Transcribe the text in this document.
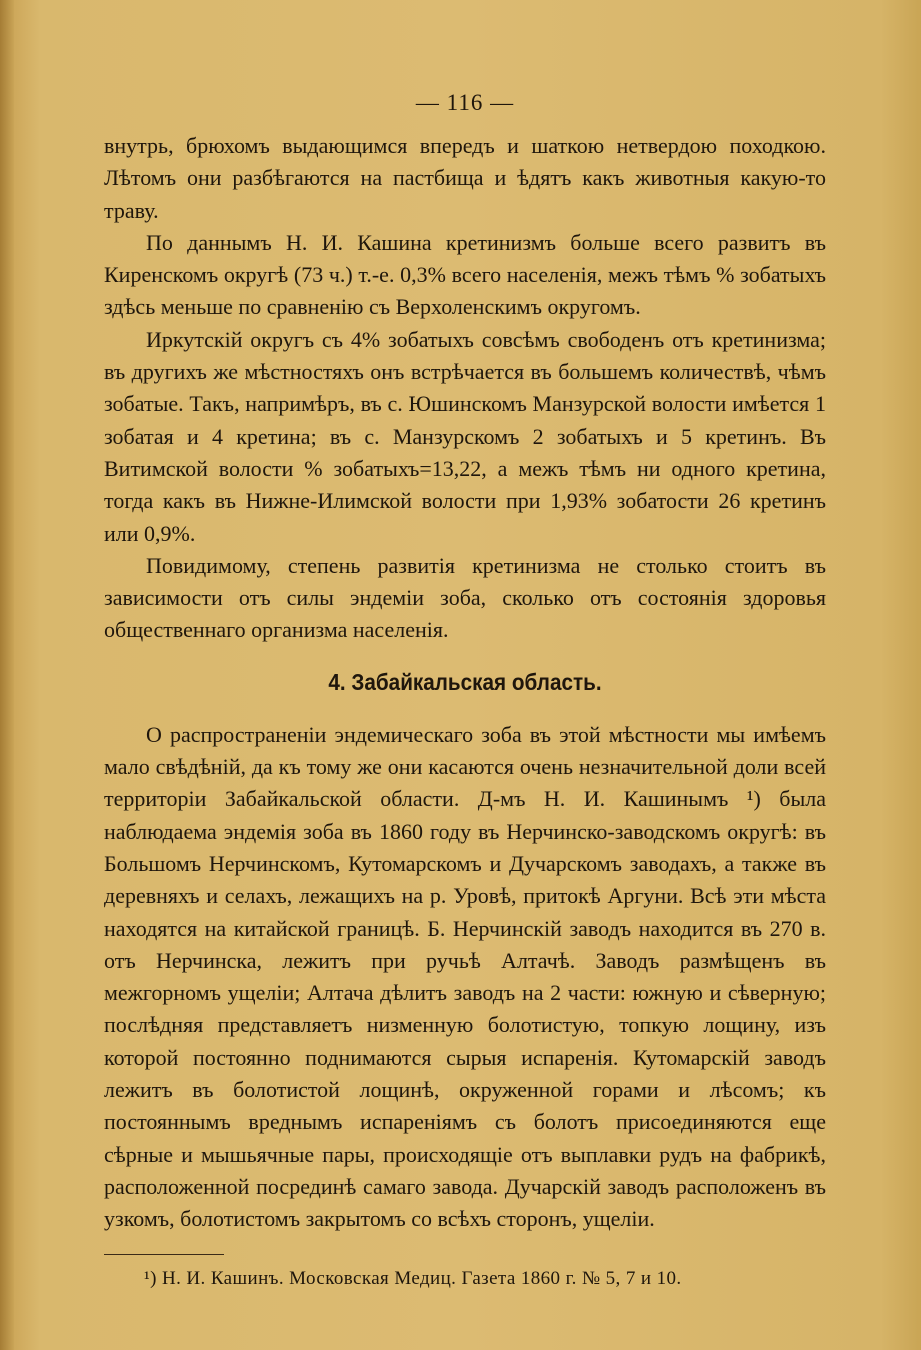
— 116 —

внутрь, брюхомъ выдающимся впередъ и шаткою нетвердою походкою. Лѣтомъ они разбѣгаются на пастбища и ѣдятъ какъ животныя какую-то траву.

По даннымъ Н. И. Кашина кретинизмъ больше всего развитъ въ Киренскомъ округѣ (73 ч.) т.-е. 0,3% всего населенія, межъ тѣмъ % зобатыхъ здѣсь меньше по сравненію съ Верхоленскимъ округомъ.

Иркутскій округъ съ 4% зобатыхъ совсѣмъ свободенъ отъ кретинизма; въ другихъ же мѣстностяхъ онъ встрѣчается въ большемъ количествѣ, чѣмъ зобатые. Такъ, напримѣръ, въ с. Юшинскомъ Манзурской волости имѣется 1 зобатая и 4 кретина; въ с. Манзурскомъ 2 зобатыхъ и 5 кретинъ. Въ Витимской волости % зобатыхъ=13,22, а межъ тѣмъ ни одного кретина, тогда какъ въ Нижне-Илимской волости при 1,93% зобатости 26 кретинъ или 0,9%.

Повидимому, степень развитія кретинизма не столько стоитъ въ зависимости отъ силы эндеміи зоба, сколько отъ состоянія здоровья общественнаго организма населенія.

4. Забайкальская область.

О распространеніи эндемическаго зоба въ этой мѣстности мы имѣемъ мало свѣдѣній, да къ тому же они касаются очень незначительной доли всей территоріи Забайкальской области. Д-мъ Н. И. Кашинымъ ¹) была наблюдаема эндемія зоба въ 1860 году въ Нерчинско-заводскомъ округѣ: въ Большомъ Нерчинскомъ, Кутомарскомъ и Дучарскомъ заводахъ, а также въ деревняхъ и селахъ, лежащихъ на р. Уровѣ, притокѣ Аргуни. Всѣ эти мѣста находятся на китайской границѣ. Б. Нерчинскій заводъ находится въ 270 в. отъ Нерчинска, лежитъ при ручьѣ Алтачѣ. Заводъ размѣщенъ въ межгорномъ ущеліи; Алтача дѣлитъ заводъ на 2 части: южную и сѣверную; послѣдняя представляетъ низменную болотистую, топкую лощину, изъ которой постоянно поднимаются сырыя испаренія. Кутомарскій заводъ лежитъ въ болотистой лощинѣ, окруженной горами и лѣсомъ; къ постояннымъ вреднымъ испареніямъ съ болотъ присоединяются еще сѣрные и мышьячные пары, происходящіе отъ выплавки рудъ на фабрикѣ, расположенной посрединѣ самаго завода. Дучарскій заводъ расположенъ въ узкомъ, болотистомъ закрытомъ со всѣхъ сторонъ, ущеліи.

¹) Н. И. Кашинъ. Московская Медиц. Газета 1860 г. № 5, 7 и 10.
